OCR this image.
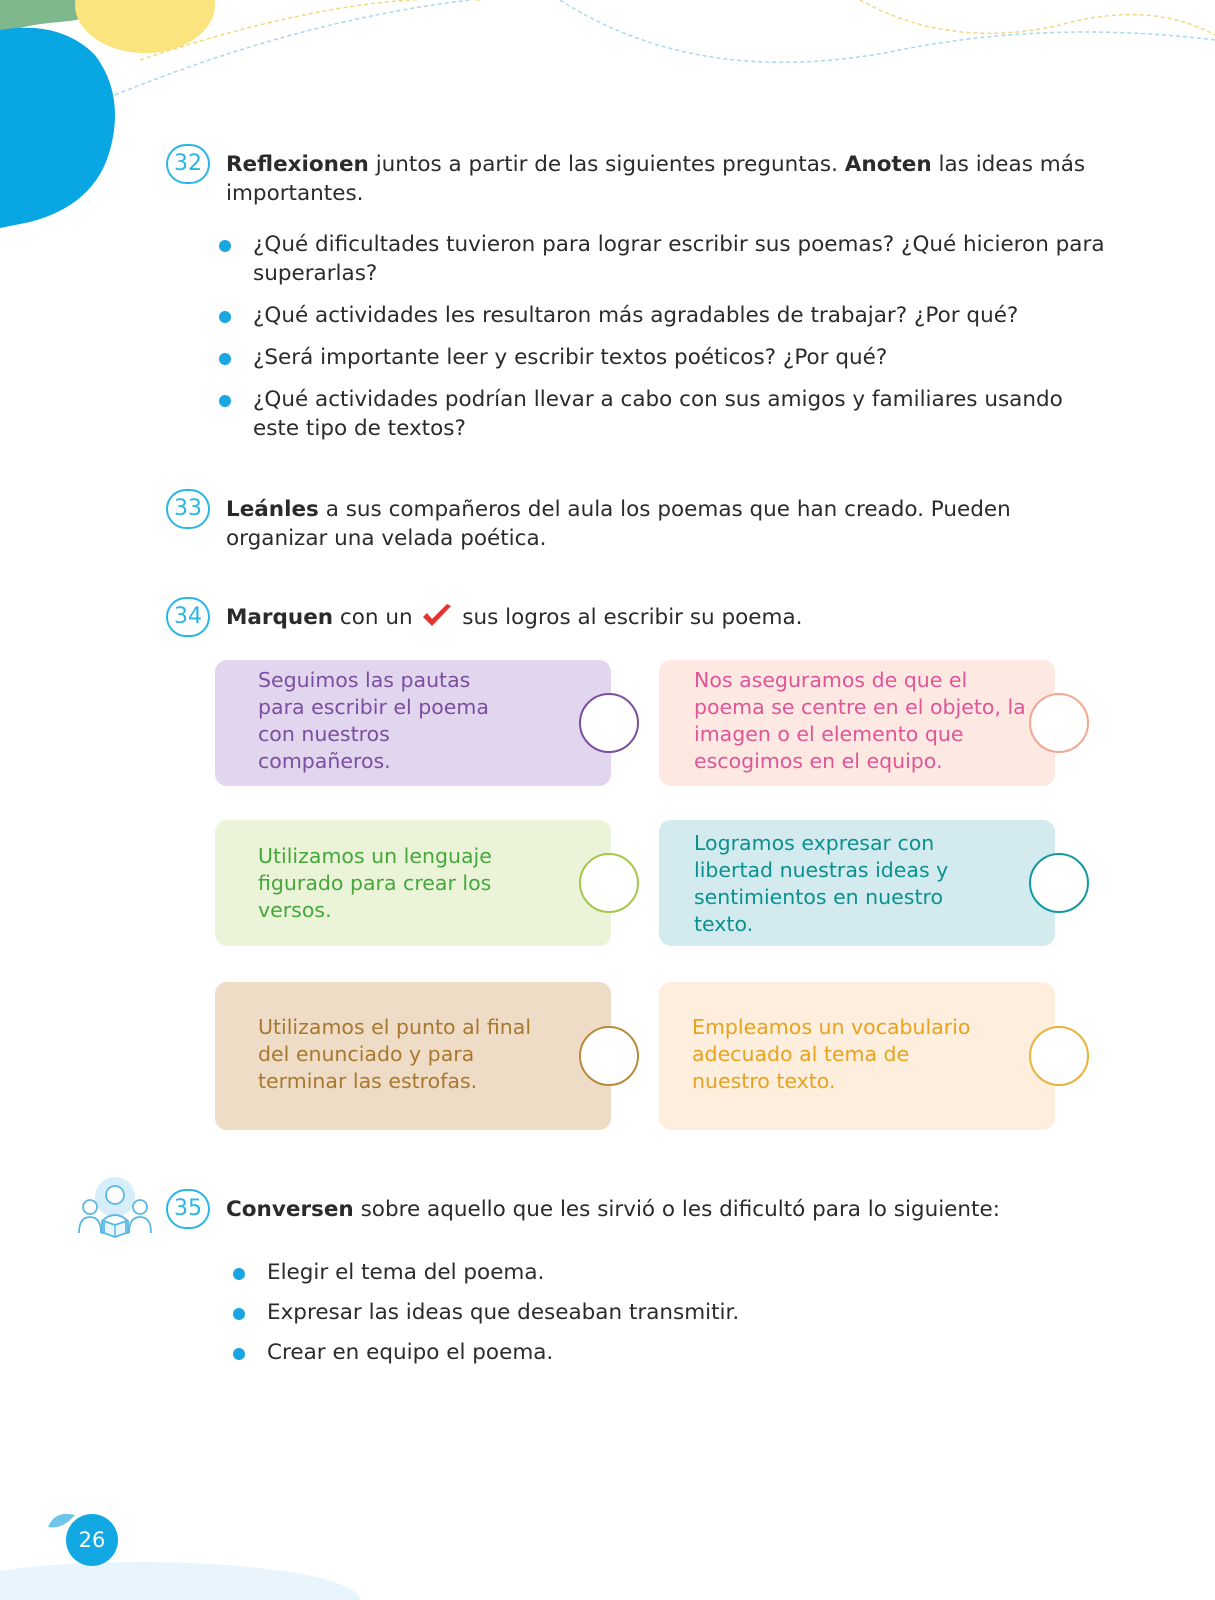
32	Reflexionen juntos a partir de las siguientes preguntas. Anoten las ideas más importantes.
¿Qué dificultades tuvieron para lograr escribir sus poemas? ¿Qué hicieron para superarlas?
¿Qué actividades les resultaron más agradables de trabajar? ¿Por qué?
¿Será importante leer y escribir textos poéticos? ¿Por qué?
¿Qué actividades podrían llevar a cabo con sus amigos y familiares usando este tipo de textos?
33	Leánles a sus compañeros del aula los poemas que han creado. Pueden organizar una velada poética.
34	Marquen con un  sus logros al escribir su poema.
Seguimos las pautas para escribir el poema con nuestros compañeros.
Nos aseguramos de que el poema se centre en el objeto, la imagen o el elemento que escogimos en el equipo.
Utilizamos un lenguaje figurado para crear los versos.
Logramos expresar con libertad nuestras ideas y sentimientos en nuestro texto.
Utilizamos el punto al final del enunciado y para terminar las estrofas.
Empleamos un vocabulario adecuado al tema de nuestro texto.
35	Conversen sobre aquello que les sirvió o les dificultó para lo siguiente:
Elegir el tema del poema.
Expresar las ideas que deseaban transmitir.
Crear en equipo el poema.
26
